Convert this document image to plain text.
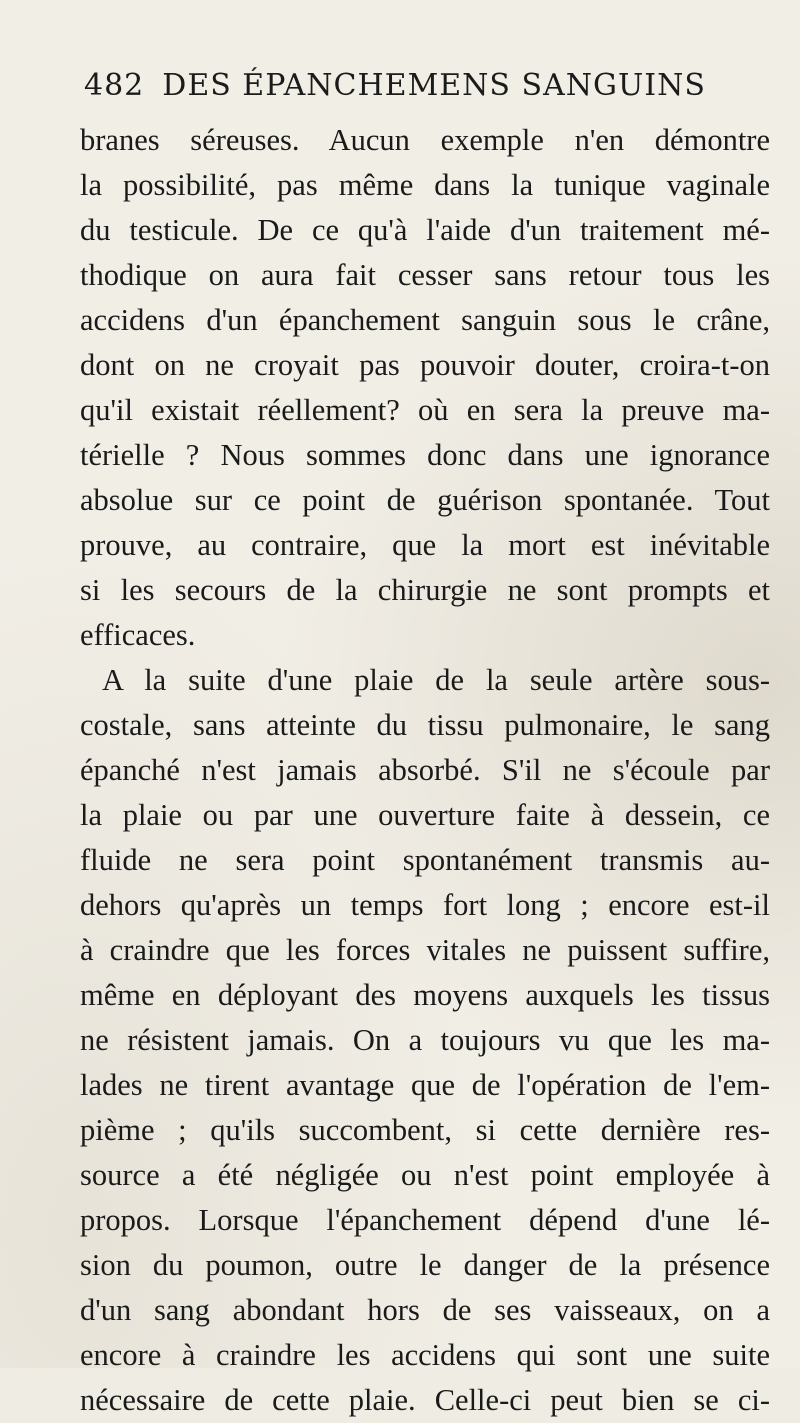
482 DES ÉPANCHEMENS SANGUINS
branes séreuses. Aucun exemple n'en démontre
la possibilité, pas même dans la tunique vaginale
du testicule. De ce qu'à l'aide d'un traitement mé-
thodique on aura fait cesser sans retour tous les
accidens d'un épanchement sanguin sous le crâne,
dont on ne croyait pas pouvoir douter, croira-t-on
qu'il existait réellement? où en sera la preuve ma-
térielle ? Nous sommes donc dans une ignorance
absolue sur ce point de guérison spontanée. Tout
prouve, au contraire, que la mort est inévitable
si les secours de la chirurgie ne sont prompts et
efficaces.
A la suite d'une plaie de la seule artère sous-
costale, sans atteinte du tissu pulmonaire, le sang
épanché n'est jamais absorbé. S'il ne s'écoule par
la plaie ou par une ouverture faite à dessein, ce
fluide ne sera point spontanément transmis au-
dehors qu'après un temps fort long ; encore est-il
à craindre que les forces vitales ne puissent suffire,
même en déployant des moyens auxquels les tissus
ne résistent jamais. On a toujours vu que les ma-
lades ne tirent avantage que de l'opération de l'em-
pième ; qu'ils succombent, si cette dernière res-
source a été négligée ou n'est point employée à
propos. Lorsque l'épanchement dépend d'une lé-
sion du poumon, outre le danger de la présence
d'un sang abondant hors de ses vaisseaux, on a
encore à craindre les accidens qui sont une suite
nécessaire de cette plaie. Celle-ci peut bien se ci-
